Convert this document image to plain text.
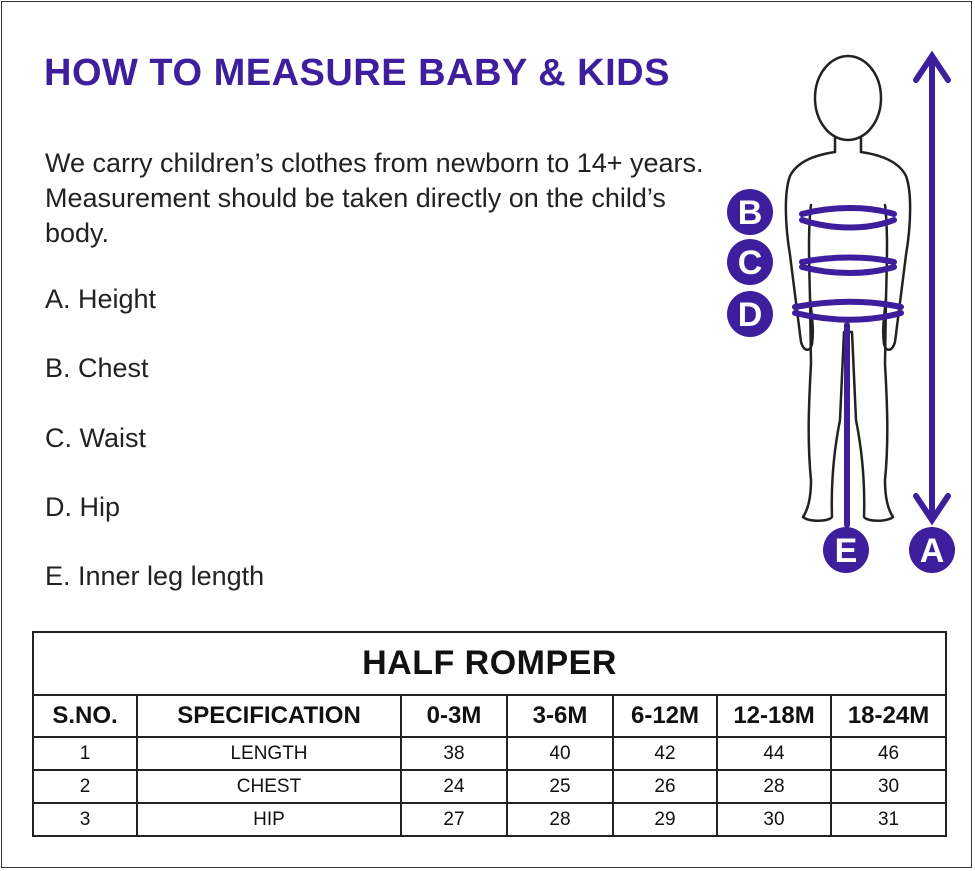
HOW TO MEASURE BABY & KIDS

We carry children’s clothes from newborn to 14+ years. Measurement should be taken directly on the child’s body.

A. Height
B. Chest
C. Waist
D. Hip
E. Inner leg length
B
C
D
E A
HALF ROMPER						
S.NO.	SPECIFICATION	0-3M	3-6M	6-12M	12-18M	18-24M
1	LENGTH	38	40	42	44	46
2	CHEST	24	25	26	28	30
3	HIP	27	28	29	30	31
